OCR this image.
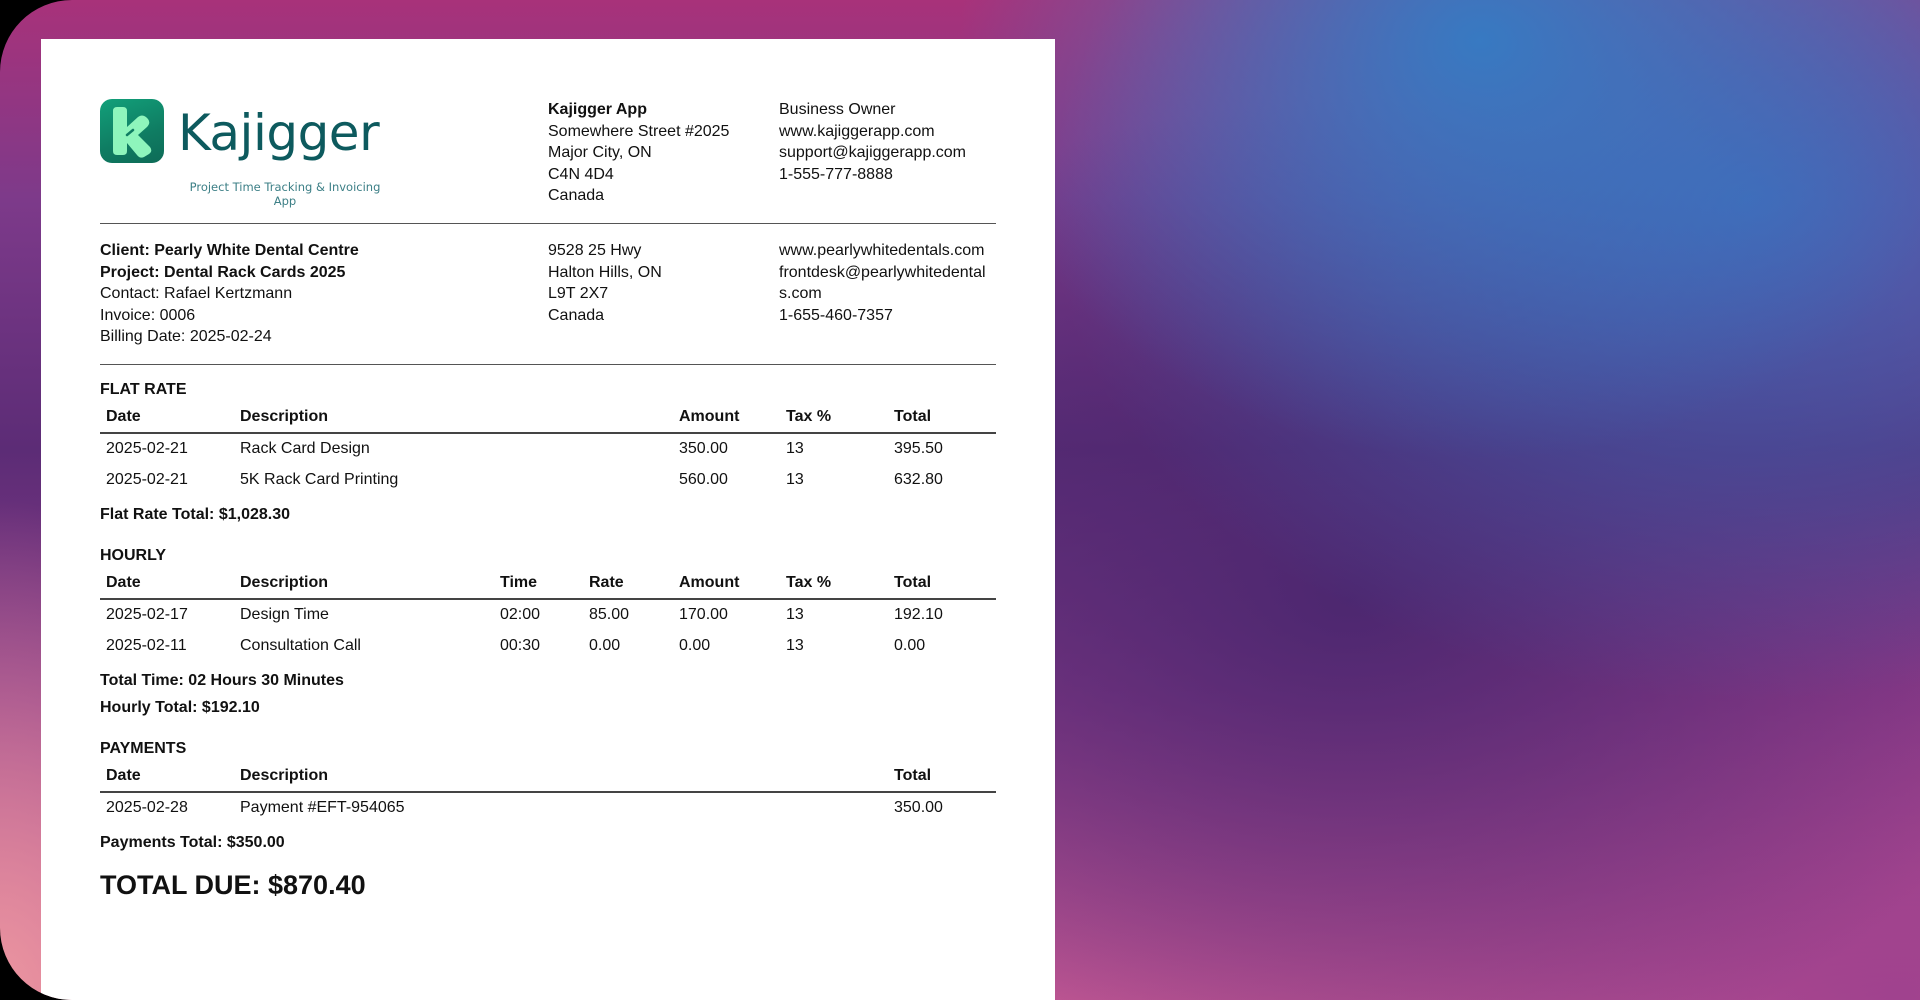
Kajigger
Project Time Tracking & Invoicing App
Kajigger App
Somewhere Street #2025
Major City, ON
C4N 4D4
Canada
Business Owner
www.kajiggerapp.com
support@kajiggerapp.com
1-555-777-8888
Client: Pearly White Dental Centre
Project: Dental Rack Cards 2025
Contact: Rafael Kertzmann
Invoice: 0006
Billing Date: 2025-02-24
9528 25 Hwy
Halton Hills, ON
L9T 2X7
Canada
www.pearlywhitedentals.com
frontdesk@pearlywhitedental
s.com
1-655-460-7357
FLAT RATE
Date	Description	Amount	Tax %	Total
2025-02-21	Rack Card Design	350.00	13	395.50
2025-02-21	5K Rack Card Printing	560.00	13	632.80
Flat Rate Total: $1,028.30
HOURLY
Date	Description	Time	Rate	Amount	Tax %	Total
2025-02-17	Design Time	02:00	85.00	170.00	13	192.10
2025-02-11	Consultation Call	00:30	0.00	0.00	13	0.00
Total Time: 02 Hours 30 Minutes
Hourly Total: $192.10
PAYMENTS
Date	Description	Total
2025-02-28	Payment #EFT-954065	350.00
Payments Total: $350.00
TOTAL DUE: $870.40
